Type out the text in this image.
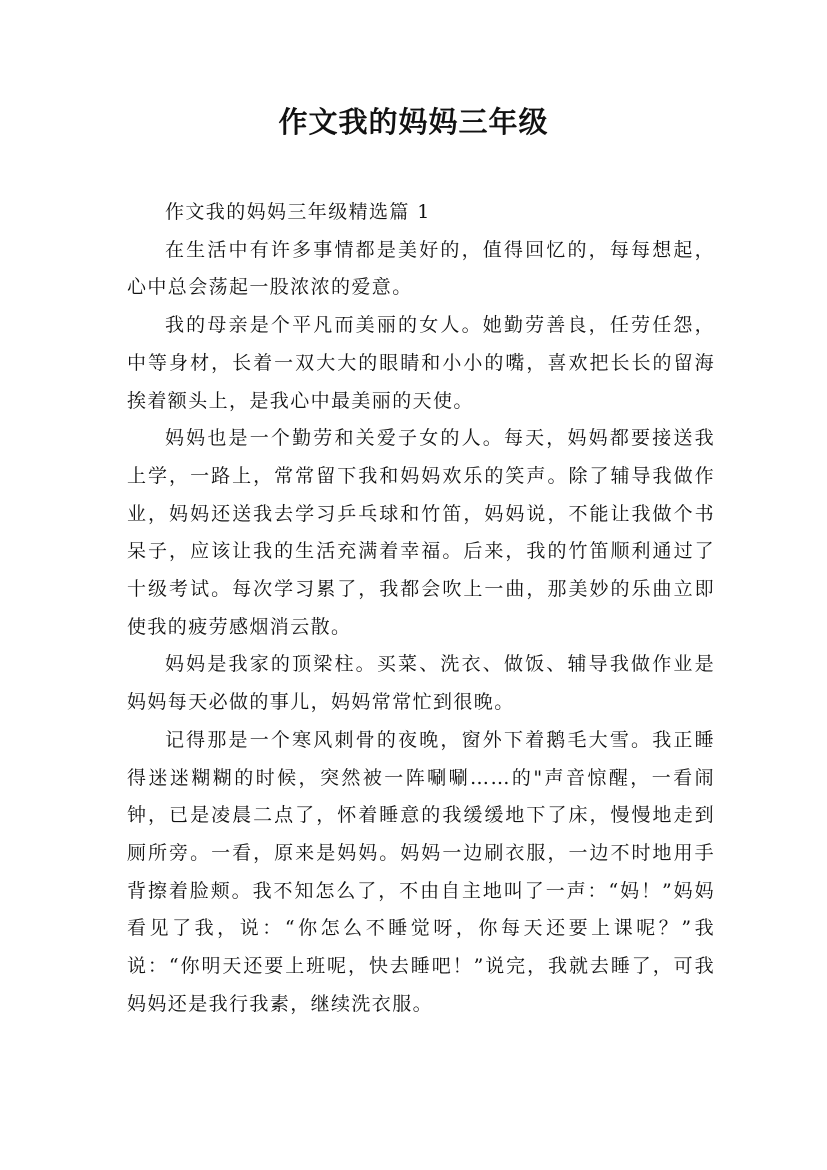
作文我的妈妈三年级

作文我的妈妈三年级精选篇 1

在生活中有许多事情都是美好的，值得回忆的，每每想起，心中总会荡起一股浓浓的爱意。

我的母亲是个平凡而美丽的女人。她勤劳善良，任劳任怨，中等身材，长着一双大大的眼睛和小小的嘴，喜欢把长长的留海挨着额头上，是我心中最美丽的天使。

妈妈也是一个勤劳和关爱子女的人。每天，妈妈都要接送我上学，一路上，常常留下我和妈妈欢乐的笑声。除了辅导我做作业，妈妈还送我去学习乒乓球和竹笛，妈妈说，不能让我做个书呆子，应该让我的生活充满着幸福。后来，我的竹笛顺利通过了十级考试。每次学习累了，我都会吹上一曲，那美妙的乐曲立即使我的疲劳感烟消云散。

妈妈是我家的顶梁柱。买菜、洗衣、做饭、辅导我做作业是妈妈每天必做的事儿，妈妈常常忙到很晚。

记得那是一个寒风刺骨的夜晚，窗外下着鹅毛大雪。我正睡得迷迷糊糊的时候，突然被一阵唰唰……的"声音惊醒，一看闹钟，已是凌晨二点了，怀着睡意的我缓缓地下了床，慢慢地走到厕所旁。一看，原来是妈妈。妈妈一边刷衣服，一边不时地用手背擦着脸颊。我不知怎么了，不由自主地叫了一声：“妈！”妈妈看见了我，说：“你怎么不睡觉呀，你每天还要上课呢？”我说：“你明天还要上班呢，快去睡吧！”说完，我就去睡了，可我妈妈还是我行我素，继续洗衣服。
